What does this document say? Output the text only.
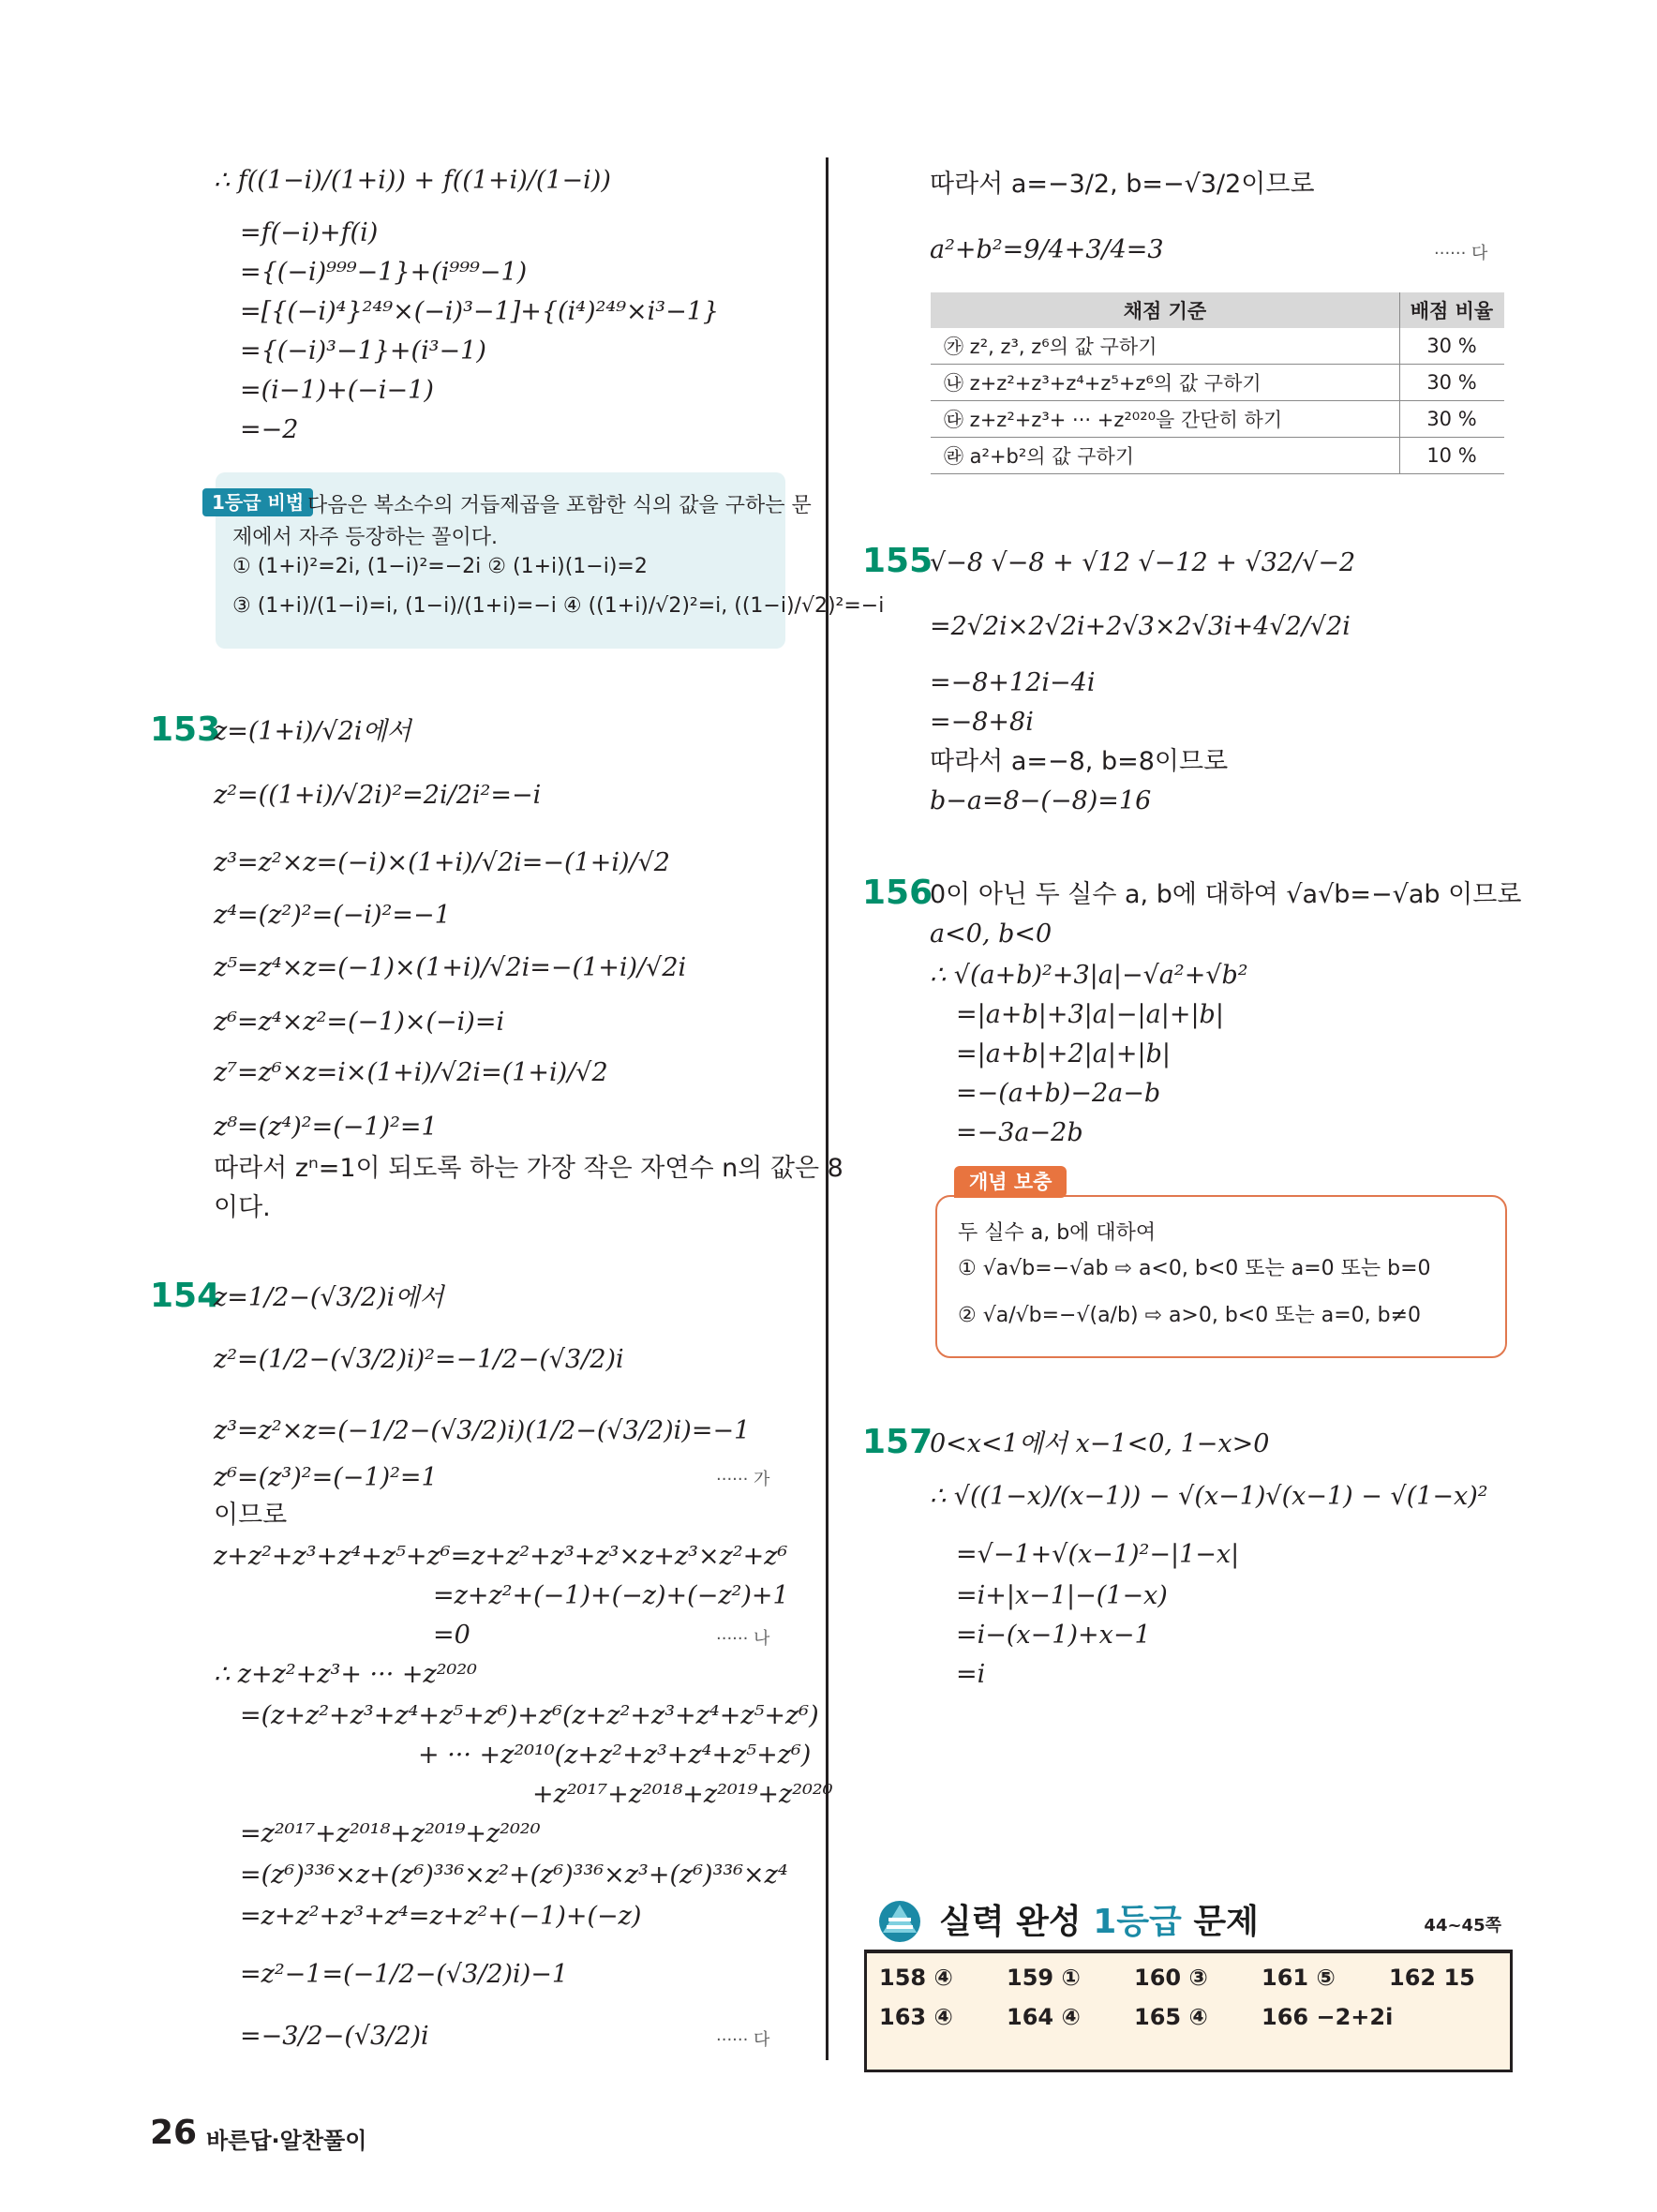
∴ f((1−i)/(1+i)) + f((1+i)/(1−i))
=f(−i)+f(i)
={(−i)⁹⁹⁹−1}+(i⁹⁹⁹−1)
=[{(−i)⁴}²⁴⁹×(−i)³−1]+{(i⁴)²⁴⁹×i³−1}
={(−i)³−1}+(i³−1)
=(i−1)+(−i−1)
=−2
1등급 비법 다음은 복소수의 거듭제곱을 포함한 식의 값을 구하는 문
제에서 자주 등장하는 꼴이다.
① (1+i)²=2i, (1−i)²=−2i ② (1+i)(1−i)=2
③ (1+i)/(1−i)=i, (1−i)/(1+i)=−i ④ ((1+i)/√2)²=i, ((1−i)/√2)²=−i
153
z=(1+i)/√2i에서
z²=((1+i)/√2i)²=2i/2i²=−i
z³=z²×z=(−i)×(1+i)/√2i=−(1+i)/√2
z⁴=(z²)²=(−i)²=−1
z⁵=z⁴×z=(−1)×(1+i)/√2i=−(1+i)/√2i
z⁶=z⁴×z²=(−1)×(−i)=i
z⁷=z⁶×z=i×(1+i)/√2i=(1+i)/√2
z⁸=(z⁴)²=(−1)²=1
따라서 zⁿ=1이 되도록 하는 가장 작은 자연수 n의 값은 8
이다.
154
z=1/2−(√3/2)i에서
z²=(1/2−(√3/2)i)²=−1/2−(√3/2)i
z³=z²×z=(−1/2−(√3/2)i)(1/2−(√3/2)i)=−1
z⁶=(z³)²=(−1)²=1	······ 가
이므로
z+z²+z³+z⁴+z⁵+z⁶=z+z²+z³+z³×z+z³×z²+z⁶
=z+z²+(−1)+(−z)+(−z²)+1
=0	······ 나
∴ z+z²+z³+ ··· +z²⁰²⁰
=(z+z²+z³+z⁴+z⁵+z⁶)+z⁶(z+z²+z³+z⁴+z⁵+z⁶)
+ ··· +z²⁰¹⁰(z+z²+z³+z⁴+z⁵+z⁶)
+z²⁰¹⁷+z²⁰¹⁸+z²⁰¹⁹+z²⁰²⁰
=z²⁰¹⁷+z²⁰¹⁸+z²⁰¹⁹+z²⁰²⁰
=(z⁶)³³⁶×z+(z⁶)³³⁶×z²+(z⁶)³³⁶×z³+(z⁶)³³⁶×z⁴
=z+z²+z³+z⁴=z+z²+(−1)+(−z)
=z²−1=(−1/2−(√3/2)i)−1
=−3/2−(√3/2)i	······ 다
따라서 a=−3/2, b=−√3/2이므로
a²+b²=9/4+3/4=3	······ 다
채점 기준	배점 비율
㉮ z², z³, z⁶의 값 구하기	30 %
㉯ z+z²+z³+z⁴+z⁵+z⁶의 값 구하기	30 %
㉰ z+z²+z³+ ··· +z²⁰²⁰을 간단히 하기	30 %
㉱ a²+b²의 값 구하기	10 %
155
√−8 √−8 + √12 √−12 + √32/√−2
=2√2i×2√2i+2√3×2√3i+4√2/√2i
=−8+12i−4i
=−8+8i
따라서 a=−8, b=8이므로
b−a=8−(−8)=16
156
0이 아닌 두 실수 a, b에 대하여 √a√b=−√ab 이므로
a<0, b<0
∴ √(a+b)²+3|a|−√a²+√b²
=|a+b|+3|a|−|a|+|b|
=|a+b|+2|a|+|b|
=−(a+b)−2a−b
=−3a−2b
개념 보충
두 실수 a, b에 대하여
① √a√b=−√ab ⇨ a<0, b<0 또는 a=0 또는 b=0
② √a/√b=−√(a/b) ⇨ a>0, b<0 또는 a=0, b≠0
157
0<x<1에서 x−1<0, 1−x>0
∴ √((1−x)/(x−1)) − √(x−1)√(x−1) − √(1−x)²
=√−1+√(x−1)²−|1−x|
=i+|x−1|−(1−x)
=i−(x−1)+x−1
=i
실력 완성 1등급 문제	44~45쪽
158 ④ 159 ① 160 ③ 161 ⑤ 162 15
163 ④ 164 ④ 165 ④ 166 −2+2i
26 바른답·알찬풀이
